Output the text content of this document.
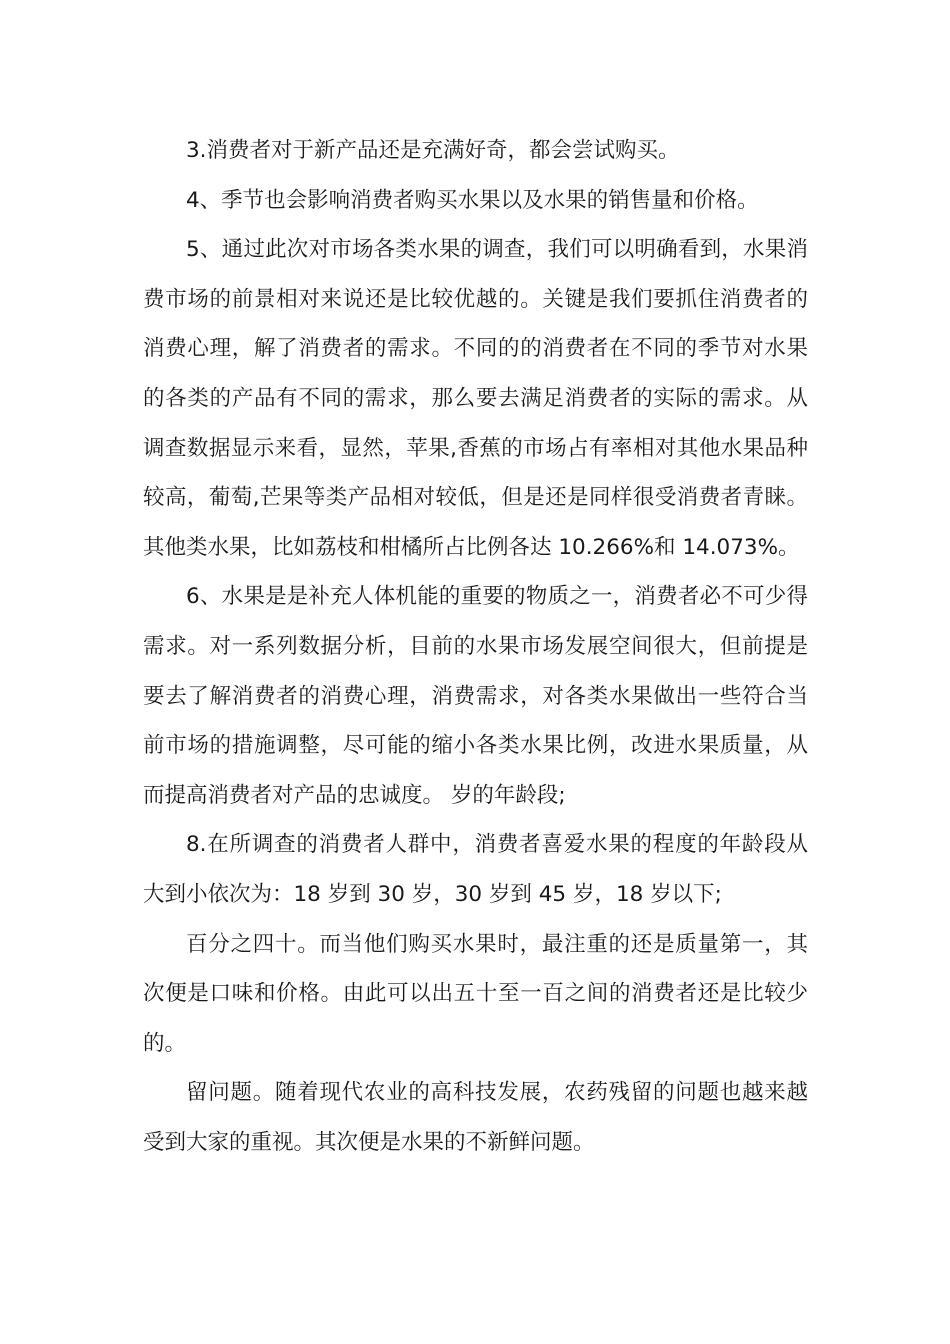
3.消费者对于新产品还是充满好奇，都会尝试购买。

4、季节也会影响消费者购买水果以及水果的销售量和价格。

5、通过此次对市场各类水果的调查，我们可以明确看到，水果消费市场的前景相对来说还是比较优越的。关键是我们要抓住消费者的消费心理，解了消费者的需求。不同的的消费者在不同的季节对水果的各类的产品有不同的需求，那么要去满足消费者的实际的需求。从调查数据显示来看，显然，苹果,香蕉的市场占有率相对其他水果品种较高，葡萄,芒果等类产品相对较低，但是还是同样很受消费者青睐。其他类水果，比如荔枝和柑橘所占比例各达 10.266%和 14.073%。

6、水果是是补充人体机能的重要的物质之一，消费者必不可少得需求。对一系列数据分析，目前的水果市场发展空间很大，但前提是要去了解消费者的消费心理，消费需求，对各类水果做出一些符合当前市场的措施调整，尽可能的缩小各类水果比例，改进水果质量，从而提高消费者对产品的忠诚度。 岁的年龄段;

8.在所调查的消费者人群中，消费者喜爱水果的程度的年龄段从大到小依次为：18 岁到 30 岁，30 岁到 45 岁，18 岁以下;

百分之四十。而当他们购买水果时，最注重的还是质量第一，其次便是口味和价格。由此可以出五十至一百之间的消费者还是比较少的。

留问题。随着现代农业的高科技发展，农药残留的问题也越来越受到大家的重视。其次便是水果的不新鲜问题。
